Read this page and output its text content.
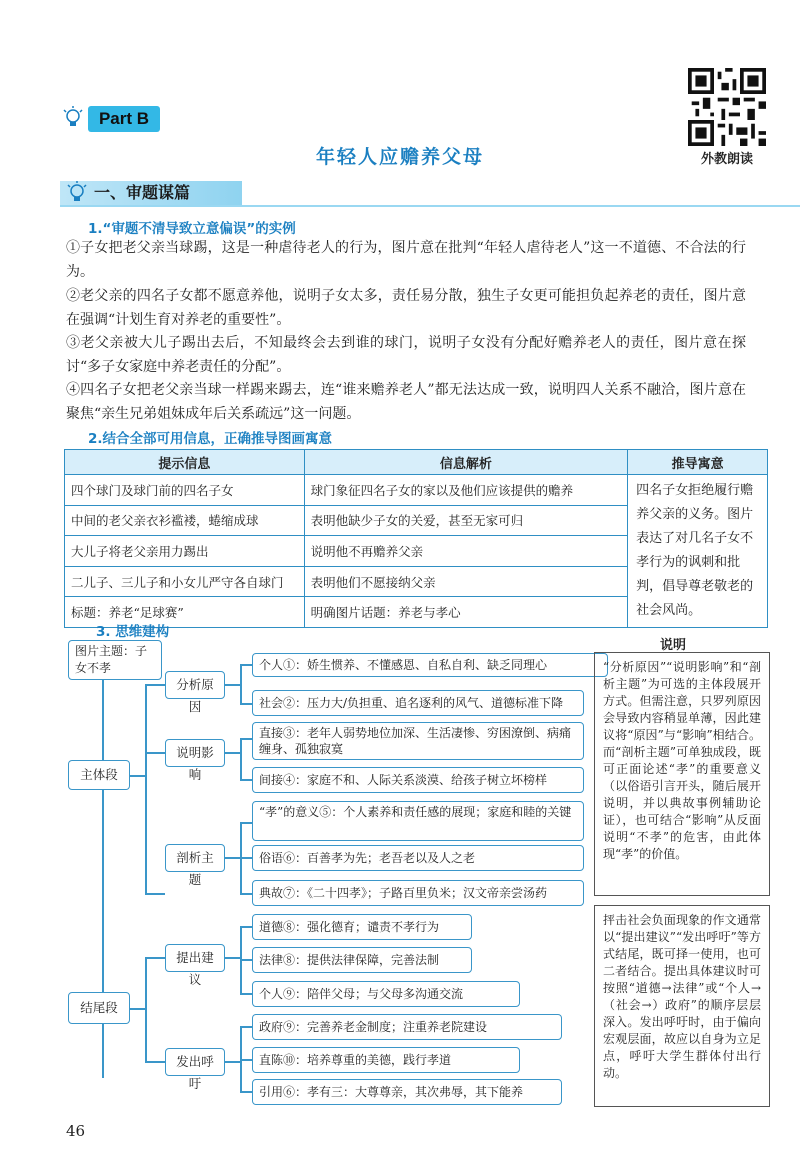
Part B
年轻人应赡养父母	外教朗读
一、审题谋篇
1.“审题不清导致立意偏误”的实例
①子女把老父亲当球踢，这是一种虐待老人的行为，图片意在批判“年轻人虐待老人”这一不道德、不合法的行为。
②老父亲的四名子女都不愿意养他，说明子女太多，责任易分散，独生子女更可能担负起养老的责任，图片意在强调“计划生育对养老的重要性”。
③老父亲被大儿子踢出去后，不知最终会去到谁的球门，说明子女没有分配好赡养老人的责任，图片意在探讨“多子女家庭中养老责任的分配”。
④四名子女把老父亲当球一样踢来踢去，连“谁来赡养老人”都无法达成一致，说明四人关系不融洽，图片意在聚焦“亲生兄弟姐妹成年后关系疏远”这一问题。
2.结合全部可用信息，正确推导图画寓意
提示信息	信息解析	推导寓意
四个球门及球门前的四名子女	球门象征四名子女的家以及他们应该提供的赡养	四名子女拒绝履行赡养父亲的义务。图片表达了对几名子女不孝行为的讽刺和批判，倡导尊老敬老的社会风尚。
中间的老父亲衣衫褴褛，蜷缩成球	表明他缺少子女的关爱，甚至无家可归	
大儿子将老父亲用力踢出	说明他不再赡养父亲	
二儿子、三儿子和小女儿严守各自球门	表明他们不愿接纳父亲	
标题：养老“足球赛”	明确图片话题：养老与孝心	
3. 思维建构
图片主题：子女不孝
主体段
结尾段
分析原因
说明影响
剖析主题
提出建议
发出呼吁
个人①：娇生惯养、不懂感恩、自私自利、缺乏同理心
社会②：压力大/负担重、追名逐利的风气、道德标准下降
直接③：老年人弱势地位加深、生活凄惨、穷困潦倒、病痛缠身、孤独寂寞
间接④：家庭不和、人际关系淡漠、给孩子树立坏榜样
“孝”的意义⑤：个人素养和责任感的展现；家庭和睦的关键
俗语⑥：百善孝为先；老吾老以及人之老
典故⑦：《二十四孝》；子路百里负米；汉文帝亲尝汤药
道德⑧：强化德育；谴责不孝行为
法律⑧：提供法律保障，完善法制
个人⑨：陪伴父母；与父母多沟通交流
政府⑨：完善养老金制度；注重养老院建设
直陈⑩：培养尊重的美德，践行孝道
引用⑥：孝有三：大尊尊亲，其次弗辱，其下能养
说明
“分析原因”“说明影响”和“剖析主题”为可选的主体段展开方式。但需注意，只罗列原因会导致内容稍显单薄，因此建议将“原因”与“影响”相结合。而“剖析主题”可单独成段，既可正面论述“孝”的重要意义（以俗语引言开头，随后展开说明，并以典故事例辅助论证），也可结合“影响”从反面说明“不孝”的危害，由此体现“孝”的价值。
抨击社会负面现象的作文通常以“提出建议”“发出呼吁”等方式结尾，既可择一使用，也可二者结合。提出具体建议时可按照“道德→法律”或“个人→（社会→）政府”的顺序层层深入。发出呼吁时，由于偏向宏观层面，故应以自身为立足点，呼吁大学生群体付出行动。
46
